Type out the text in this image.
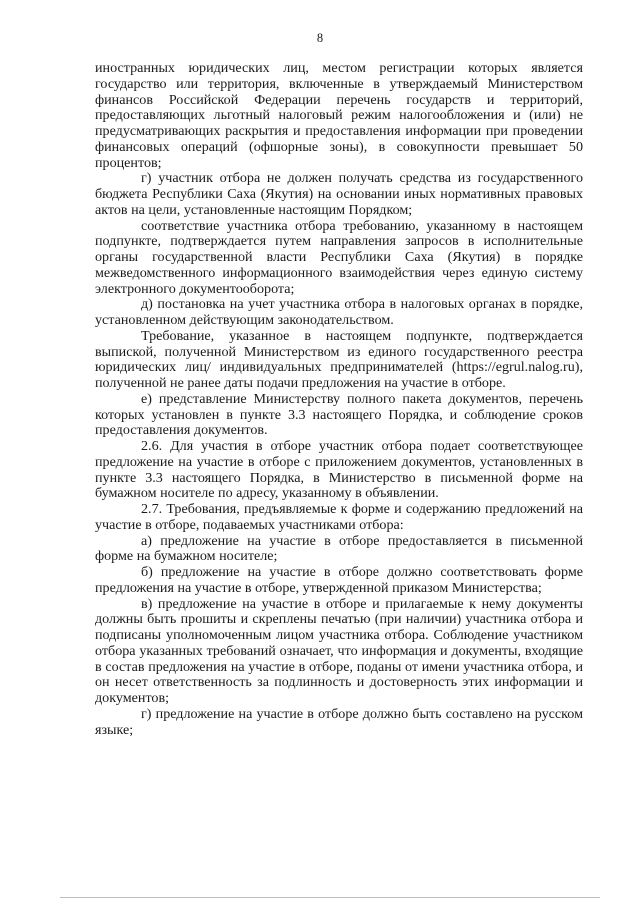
8

иностранных юридических лиц, местом регистрации которых является государство или территория, включенные в утверждаемый Министерством финансов Российской Федерации перечень государств и территорий, предоставляющих льготный налоговый режим налогообложения и (или) не предусматривающих раскрытия и предоставления информации при проведении финансовых операций (офшорные зоны), в совокупности превышает 50 процентов;

г) участник отбора не должен получать средства из государственного бюджета Республики Саха (Якутия) на основании иных нормативных правовых актов на цели, установленные настоящим Порядком;

соответствие участника отбора требованию, указанному в настоящем подпункте, подтверждается путем направления запросов в исполнительные органы государственной власти Республики Саха (Якутия) в порядке межведомственного информационного взаимодействия через единую систему электронного документооборота;

д) постановка на учет участника отбора в налоговых органах в порядке, установленном действующим законодательством.

Требование, указанное в настоящем подпункте, подтверждается выпиской, полученной Министерством из единого государственного реестра юридических лиц/ индивидуальных предпринимателей (https://egrul.nalog.ru), полученной не ранее даты подачи предложения на участие в отборе.

е) представление Министерству полного пакета документов, перечень которых установлен в пункте 3.3 настоящего Порядка, и соблюдение сроков предоставления документов.

2.6. Для участия в отборе участник отбора подает соответствующее предложение на участие в отборе с приложением документов, установленных в пункте 3.3 настоящего Порядка, в Министерство в письменной форме на бумажном носителе по адресу, указанному в объявлении.

2.7. Требования, предъявляемые к форме и содержанию предложений на участие в отборе, подаваемых участниками отбора:

а) предложение на участие в отборе предоставляется в письменной форме на бумажном носителе;

б) предложение на участие в отборе должно соответствовать форме предложения на участие в отборе, утвержденной приказом Министерства;

в) предложение на участие в отборе и прилагаемые к нему документы должны быть прошиты и скреплены печатью (при наличии) участника отбора и подписаны уполномоченным лицом участника отбора. Соблюдение участником отбора указанных требований означает, что информация и документы, входящие в состав предложения на участие в отборе, поданы от имени участника отбора, и он несет ответственность за подлинность и достоверность этих информации и документов;

г) предложение на участие в отборе должно быть составлено на русском языке;
